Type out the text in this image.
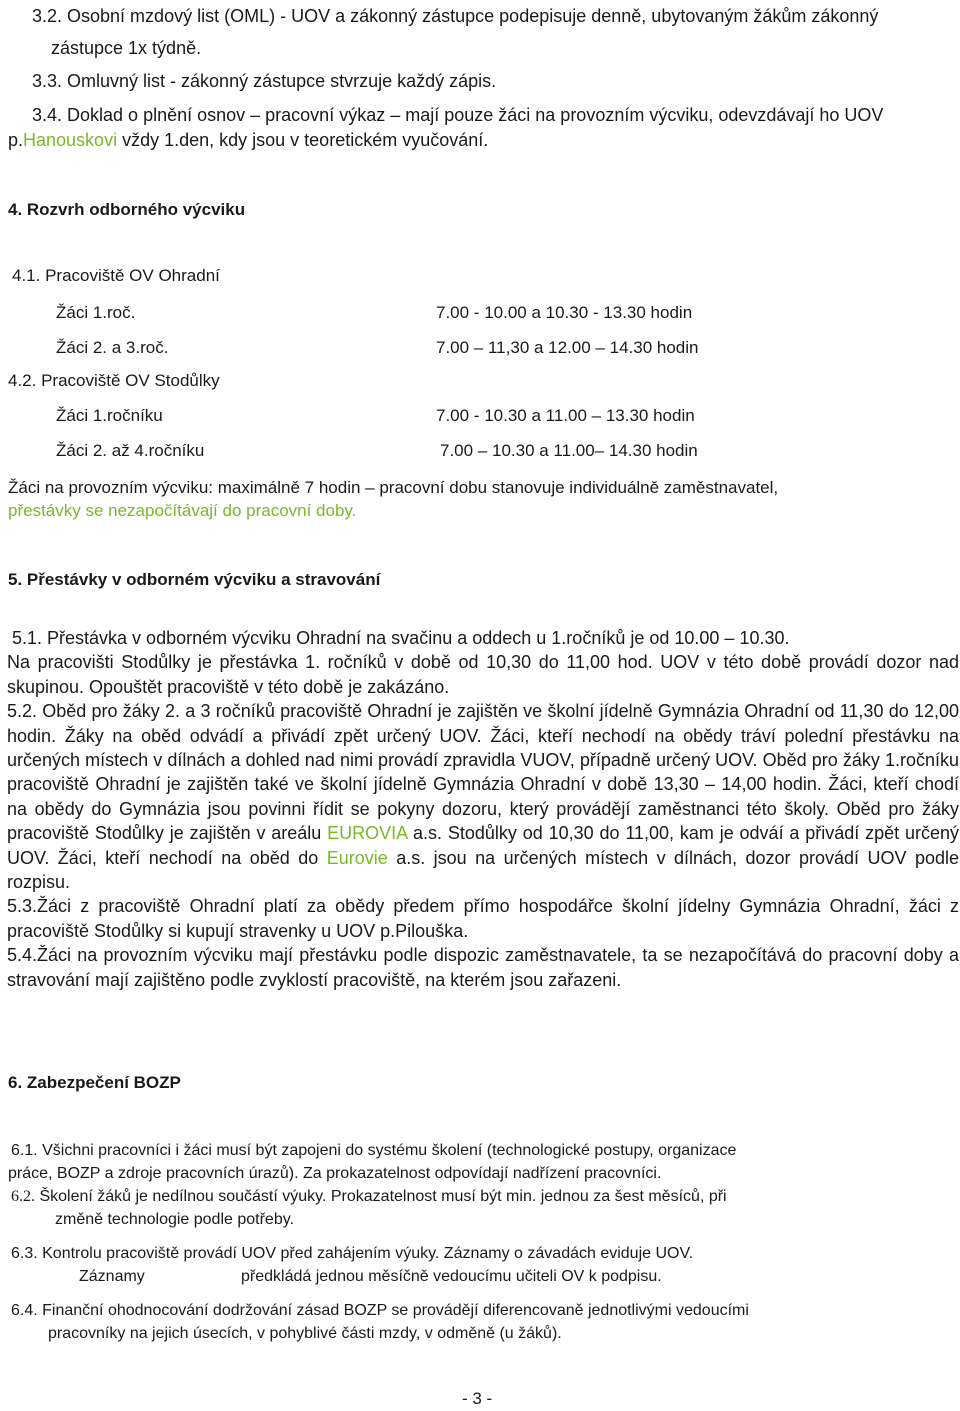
3.2. Osobní mzdový list (OML) - UOV a zákonný zástupce podepisuje denně, ubytovaným žákům zákonný
zástupce 1x týdně.
3.3. Omluvný list - zákonný zástupce stvrzuje každý zápis.
3.4. Doklad o plnění osnov – pracovní výkaz – mají pouze žáci na provozním výcviku, odevzdávají ho UOV
p.Hanouskovi vždy 1.den, kdy jsou v teoretickém vyučování.
4. Rozvrh odborného výcviku
4.1. Pracoviště OV Ohradní
Žáci 1.roč.	7.00 - 10.00 a 10.30 - 13.30 hodin
Žáci 2. a 3.roč.	7.00 – 11,30 a 12.00 – 14.30 hodin
4.2. Pracoviště OV Stodůlky
Žáci 1.ročníku	7.00 - 10.30 a 11.00 – 13.30 hodin
Žáci 2. až 4.ročníku	7.00 – 10.30 a 11.00– 14.30 hodin
Žáci na provozním výcviku: maximálně 7 hodin – pracovní dobu stanovuje individuálně zaměstnavatel,
přestávky se nezapočítávají do pracovní doby.
5. Přestávky v odborném výcviku a stravování

5.1. Přestávka v odborném výcviku Ohradní na svačinu a oddech u 1.ročníků je od 10.00 – 10.30.

Na pracovišti Stodůlky je přestávka 1. ročníků v době od 10,30 do 11,00 hod. UOV v této době provádí dozor nad skupinou. Opouštět pracoviště v této době je zakázáno.

5.2. Oběd pro žáky 2. a 3 ročníků pracoviště Ohradní je zajištěn ve školní jídelně Gymnázia Ohradní od 11,30 do 12,00 hodin. Žáky na oběd odvádí a přivádí zpět určený UOV. Žáci, kteří nechodí na obědy tráví polední přestávku na určených místech v dílnách a dohled nad nimi provádí zpravidla VUOV, případně určený UOV. Oběd pro žáky 1.ročníku pracoviště Ohradní je zajištěn také ve školní jídelně Gymnázia Ohradní v době 13,30 – 14,00 hodin. Žáci, kteří chodí na obědy do Gymnázia jsou povinni řídit se pokyny dozoru, který provádějí zaměstnanci této školy. Oběd pro žáky pracoviště Stodůlky je zajištěn v areálu EUROVIA a.s. Stodůlky od 10,30 do 11,00, kam je odváí a přivádí zpět určený UOV. Žáci, kteří nechodí na oběd do Eurovie a.s. jsou na určených místech v dílnách, dozor provádí UOV podle rozpisu.

5.3.Žáci z pracoviště Ohradní platí za obědy předem přímo hospodářce školní jídelny Gymnázia Ohradní, žáci z pracoviště Stodůlky si kupují stravenky u UOV p.Pilouška.

5.4.Žáci na provozním výcviku mají přestávku podle dispozic zaměstnavatele, ta se nezapočítává do pracovní doby a stravování mají zajištěno podle zvyklostí pracoviště, na kterém jsou zařazeni.

6. Zabezpečení BOZP
6.1. Všichni pracovníci i žáci musí být zapojeni do systému školení (technologické postupy, organizace
práce, BOZP a zdroje pracovních úrazů). Za prokazatelnost odpovídají nadřízení pracovníci.
6.2. Školení žáků je nedílnou součástí výuky. Prokazatelnost musí být min. jednou za šest měsíců, při
změně technologie podle potřeby.
6.3. Kontrolu pracoviště provádí UOV před zahájením výuky. Záznamy o závadách eviduje UOV.
Záznamy	předkládá jednou měsíčně vedoucímu učiteli OV k podpisu.
6.4. Finanční ohodnocování dodržování zásad BOZP se provádějí diferencovaně jednotlivými vedoucími
pracovníky na jejich úsecích, v pohyblivé části mzdy, v odměně (u žáků).
- 3 -
